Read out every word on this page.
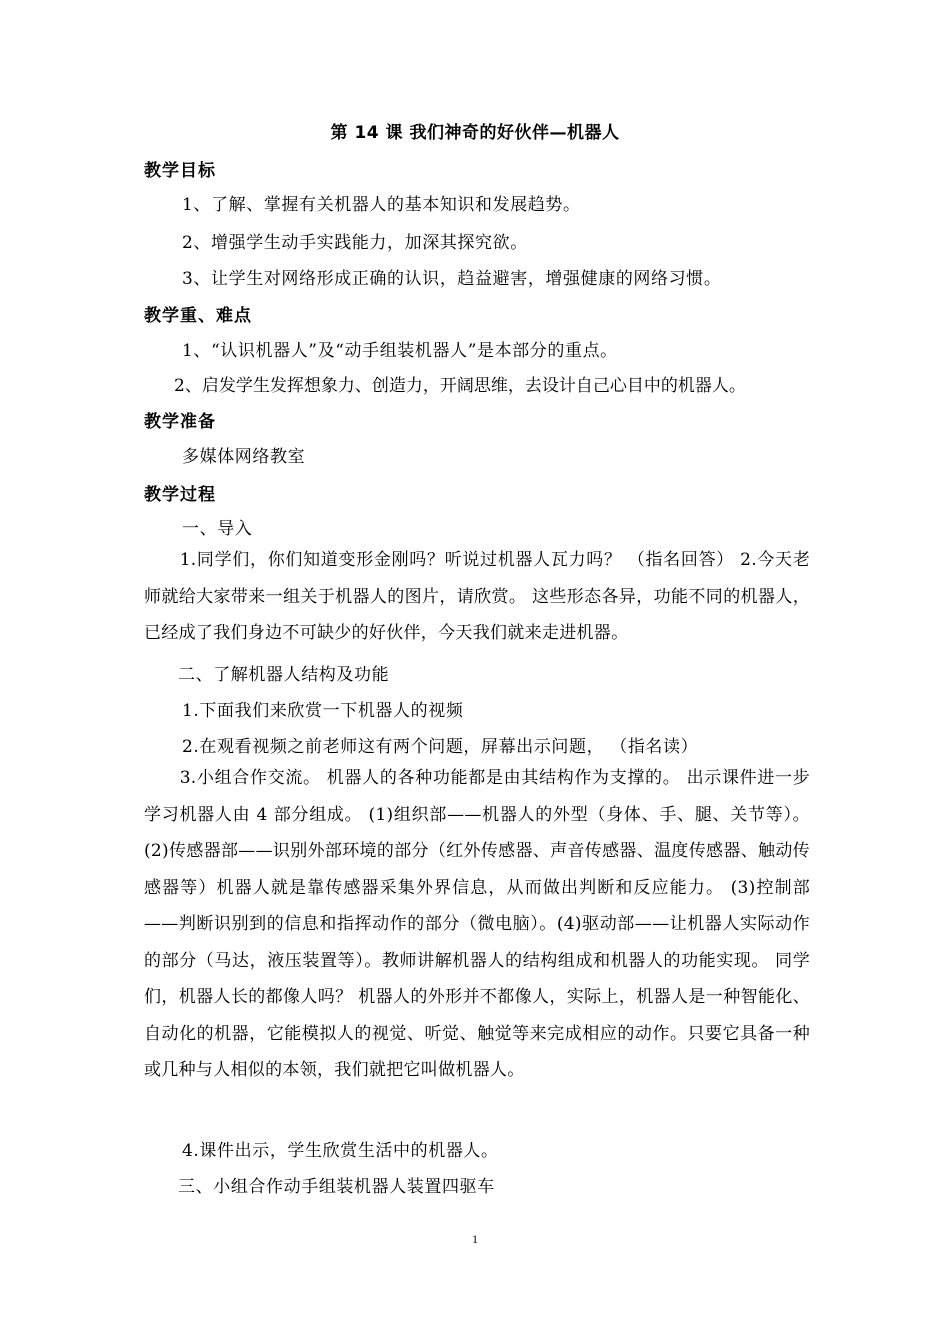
第 14 课 我们神奇的好伙伴—机器人
教学目标
1、了解、掌握有关机器人的基本知识和发展趋势。
2、增强学生动手实践能力，加深其探究欲。
3、让学生对网络形成正确的认识，趋益避害，增强健康的网络习惯。
教学重、难点
1、“认识机器人”及“动手组装机器人”是本部分的重点。
2、启发学生发挥想象力、创造力，开阔思维，去设计自己心目中的机器人。
教学准备
多媒体网络教室
教学过程
一、导入
1.同学们，你们知道变形金刚吗？听说过机器人瓦力吗？ （指名回答） 2.今天老师就给大家带来一组关于机器人的图片，请欣赏。 这些形态各异，功能不同的机器人，已经成了我们身边不可缺少的好伙伴，今天我们就来走进机器。
二、了解机器人结构及功能
1.下面我们来欣赏一下机器人的视频
2.在观看视频之前老师这有两个问题，屏幕出示问题， （指名读）
3.小组合作交流。 机器人的各种功能都是由其结构作为支撑的。 出示课件进一步学习机器人由 4 部分组成。 (1)组织部——机器人的外型（身体、手、腿、关节等）。(2)传感器部——识别外部环境的部分（红外传感器、声音传感器、温度传感器、触动传感器等）机器人就是靠传感器采集外界信息，从而做出判断和反应能力。 (3)控制部——判断识别到的信息和指挥动作的部分（微电脑）。(4)驱动部——让机器人实际动作的部分（马达，液压装置等）。教师讲解机器人的结构组成和机器人的功能实现。 同学们，机器人长的都像人吗？ 机器人的外形并不都像人，实际上，机器人是一种智能化、自动化的机器，它能模拟人的视觉、听觉、触觉等来完成相应的动作。只要它具备一种或几种与人相似的本领，我们就把它叫做机器人。
4.课件出示，学生欣赏生活中的机器人。
三、小组合作动手组装机器人装置四驱车
1
